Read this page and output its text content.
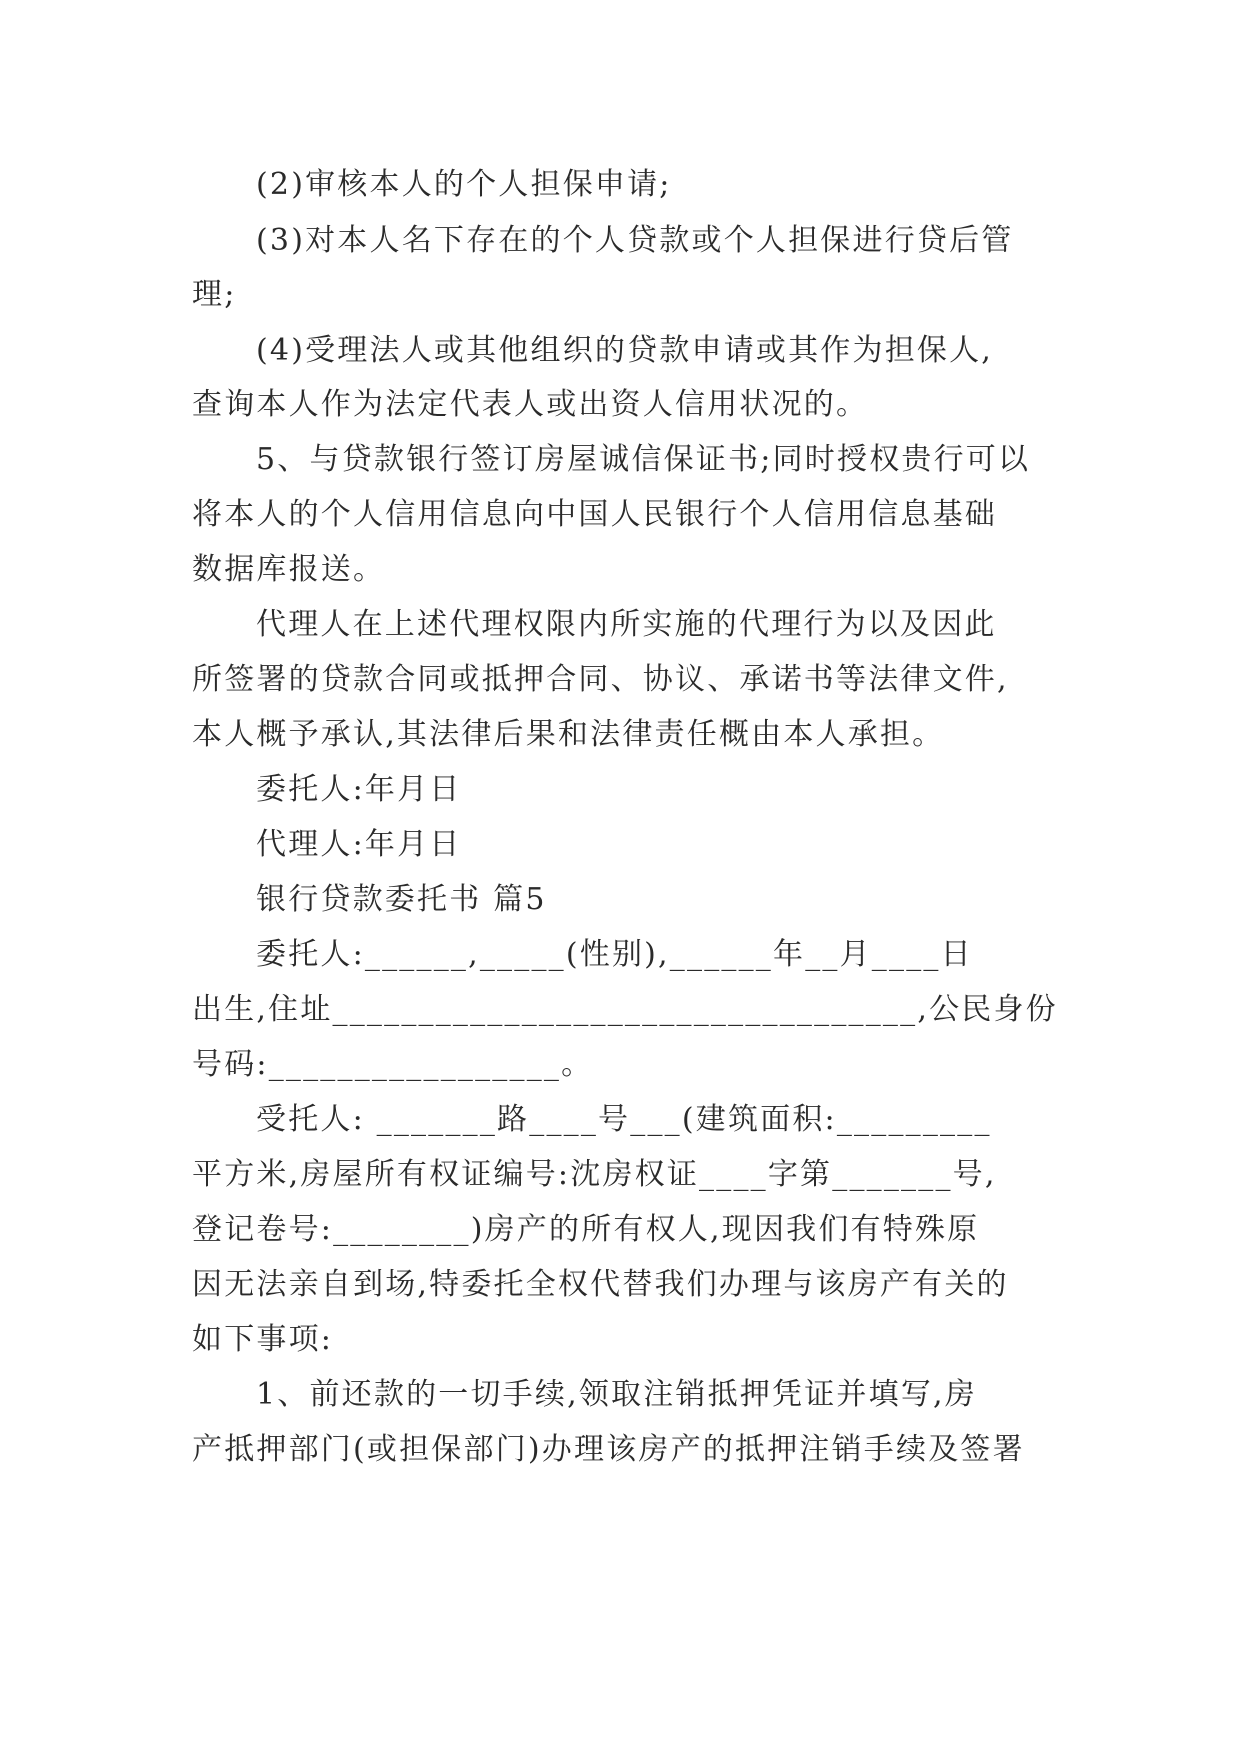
(2)审核本人的个人担保申请;
(3)对本人名下存在的个人贷款或个人担保进行贷后管
理;
(4)受理法人或其他组织的贷款申请或其作为担保人,
查询本人作为法定代表人或出资人信用状况的。
5、与贷款银行签订房屋诚信保证书;同时授权贵行可以
将本人的个人信用信息向中国人民银行个人信用信息基础
数据库报送。
代理人在上述代理权限内所实施的代理行为以及因此
所签署的贷款合同或抵押合同、协议、承诺书等法律文件,
本人概予承认,其法律后果和法律责任概由本人承担。
委托人:年月日
代理人:年月日
银行贷款委托书 篇5
委托人:______,_____(性别),______年__月____日
出生,住址__________________________________,公民身份
号码:_________________。
受托人: _______路____号___(建筑面积:_________
平方米,房屋所有权证编号:沈房权证____字第_______号,
登记卷号:________)房产的所有权人,现因我们有特殊原
因无法亲自到场,特委托全权代替我们办理与该房产有关的
如下事项:
1、前还款的一切手续,领取注销抵押凭证并填写,房
产抵押部门(或担保部门)办理该房产的抵押注销手续及签署
